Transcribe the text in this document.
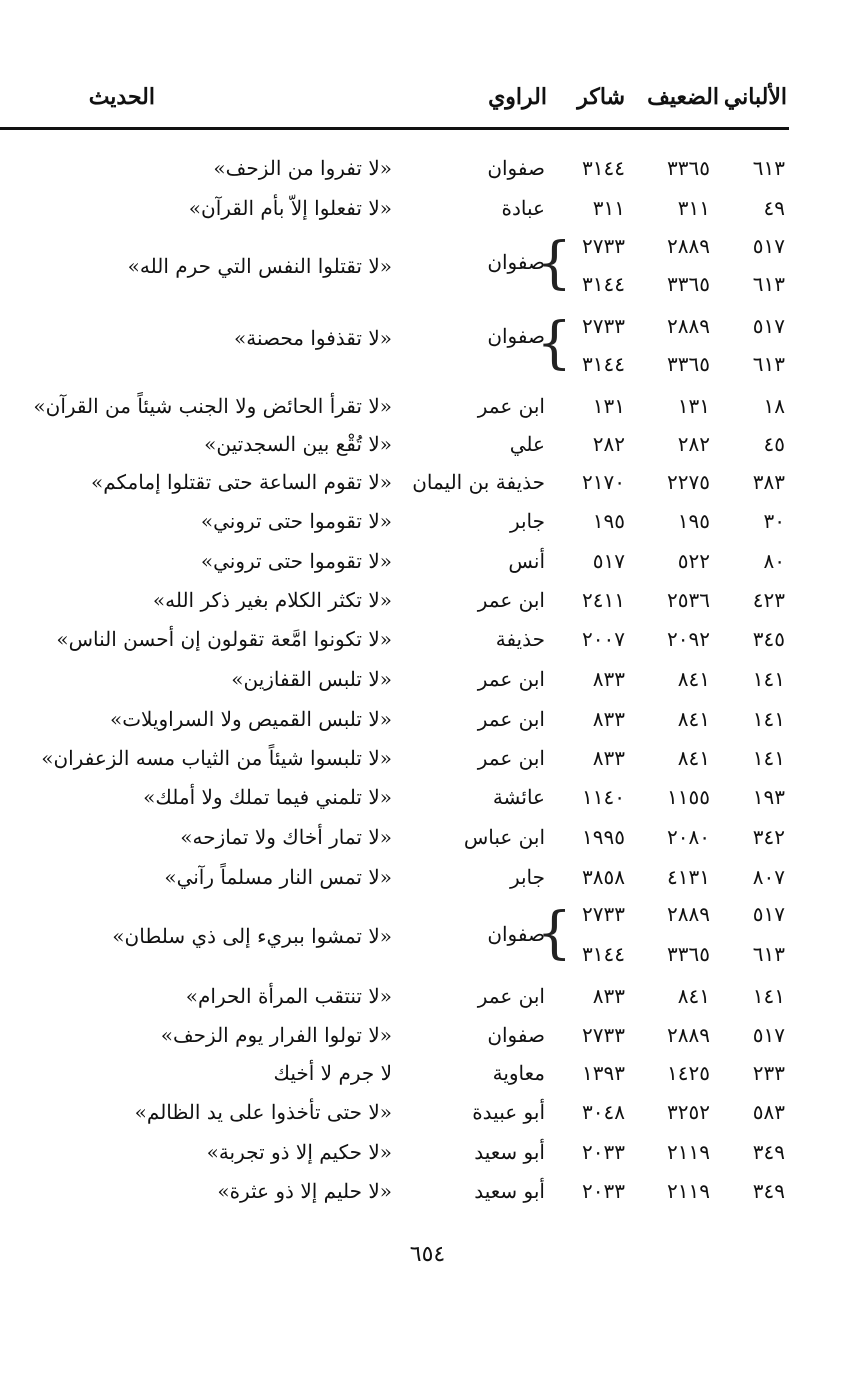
الضعيف الألباني
شاكر
الراوي
الحديث
٦١٣
٣٣٦٥
٣١٤٤
صفوان
«لا تفروا من الزحف»
٤٩
٣١١
٣١١
عبادة
«لا تفعلوا إلاّ بأم القرآن»
٥١٧
٢٨٨٩
٢٧٣٣
٦١٣
٣٣٦٥
٣١٤٤
{
صفوان
«لا تقتلوا النفس التي حرم الله»
٥١٧
٢٨٨٩
٢٧٣٣
٦١٣
٣٣٦٥
٣١٤٤
{
صفوان
«لا تقذفوا محصنة»
١٨
١٣١
١٣١
ابن عمر
«لا تقرأ الحائض ولا الجنب شيئاً من القرآن»
٤٥
٢٨٢
٢٨٢
علي
«لا تُقْع بين السجدتين»
٣٨٣
٢٢٧٥
٢١٧٠
حذيفة بن اليمان
«لا تقوم الساعة حتى تقتلوا إمامكم»
٣٠
١٩٥
١٩٥
جابر
«لا تقوموا حتى تروني»
٨٠
٥٢٢
٥١٧
أنس
«لا تقوموا حتى تروني»
٤٢٣
٢٥٣٦
٢٤١١
ابن عمر
«لا تكثر الكلام بغير ذكر الله»
٣٤٥
٢٠٩٢
٢٠٠٧
حذيفة
«لا تكونوا امَّعة تقولون إن أحسن الناس»
١٤١
٨٤١
٨٣٣
ابن عمر
«لا تلبس القفازين»
١٤١
٨٤١
٨٣٣
ابن عمر
«لا تلبس القميص ولا السراويلات»
١٤١
٨٤١
٨٣٣
ابن عمر
«لا تلبسوا شيئاً من الثياب مسه الزعفران»
١٩٣
١١٥٥
١١٤٠
عائشة
«لا تلمني فيما تملك ولا أملك»
٣٤٢
٢٠٨٠
١٩٩٥
ابن عباس
«لا تمار أخاك ولا تمازحه»
٨٠٧
٤١٣١
٣٨٥٨
جابر
«لا تمس النار مسلماً رآني»
٥١٧
٢٨٨٩
٢٧٣٣
٦١٣
٣٣٦٥
٣١٤٤
{
صفوان
«لا تمشوا ببريء إلى ذي سلطان»
١٤١
٨٤١
٨٣٣
ابن عمر
«لا تنتقب المرأة الحرام»
٥١٧
٢٨٨٩
٢٧٣٣
صفوان
«لا تولوا الفرار يوم الزحف»
٢٣٣
١٤٢٥
١٣٩٣
معاوية
لا جرم لا أخيك
٥٨٣
٣٢٥٢
٣٠٤٨
أبو عبيدة
«لا حتى تأخذوا على يد الظالم»
٣٤٩
٢١١٩
٢٠٣٣
أبو سعيد
«لا حكيم إلا ذو تجربة»
٣٤٩
٢١١٩
٢٠٣٣
أبو سعيد
«لا حليم إلا ذو عثرة»
٦٥٤
